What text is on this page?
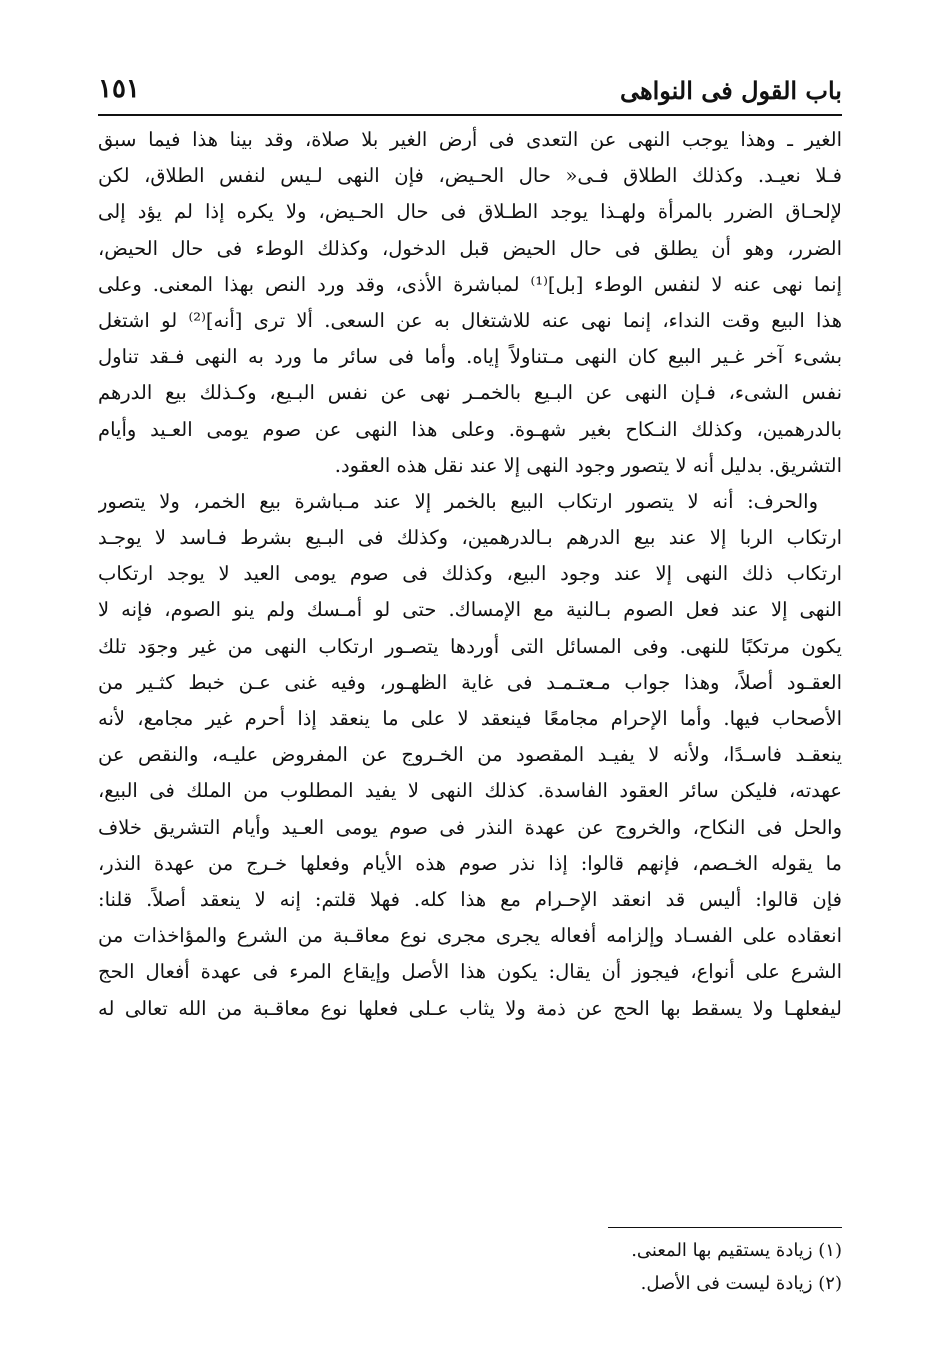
باب القول فى النواهى
١٥١
الغير ـ وهذا يوجب النهى عن التعدى فى أرض الغير بلا صلاة، وقد بينا هذا فيما سبق
فـلا نعيـد. وكذلك الطلاق فـى« حال الحـيض، فإن النهى لـيس لنفس الطلاق، لكن
لإلحـاق الضرر بالمرأة ولهـذا يوجد الطـلاق فى حال الحـيض، ولا يكره إذا لم يؤد إلى
الضرر، وهو أن يطلق فى حال الحيض قبل الدخول، وكذلك الوطء فى حال الحيض،
إنما نهى عنه لا لنفس الوطء [بل]⁽¹⁾ لمباشرة الأذى، وقد ورد النص بهذا المعنى. وعلى
هذا البيع وقت النداء، إنما نهى عنه للاشتغال به عن السعى. ألا ترى [أنه]⁽²⁾ لو اشتغل
بشىء آخر غـير البيع كان النهى مـتناولاً إياه. وأما فى سائر ما ورد به النهى فـقد تناول
نفس الشىء، فـإن النهى عن البـيع بالخمـر نهى عن نفس البـيع، وكـذلك بيع الدرهم
بالدرهمين، وكذلك النـكاح بغير شهـوة. وعلى هذا النهى عن صوم يومى العـيد وأيام
التشريق. بدليل أنه لا يتصور وجود النهى إلا عند نقل هذه العقود.
والحرف: أنه لا يتصور ارتكاب البيع بالخمر إلا عند مـباشرة بيع الخمر، ولا يتصور
ارتكاب الربا إلا عند بيع الدرهم بـالدرهمين، وكذلك فى البـيع بشرط فـاسد لا يوجـد
ارتكاب ذلك النهى إلا عند وجود البيع، وكذلك فى صوم يومى العيد لا يوجد ارتكاب
النهى إلا عند فعل الصوم بـالنية مع الإمساك. حتى لو أمـسك ولم ينو الصوم، فإنه لا
يكون مرتكبًا للنهى. وفى المسائل التى أوردها يتصـور ارتكاب النهى من غير وجوَد تلك
العقـود أصلاً، وهذا جواب مـعتـمـد فى غاية الظهـور، وفيه غنى عـن خبط كثـير من
الأصحاب فيها. وأما الإحرام مجامعًا فينعقد لا على ما ينعقد إذا أحرم غير مجامع، لأنه
ينعقـد فاسـدًا، ولأنه لا يفيـد المقصود من الخـروج عن المفروض عليـه، والنقص عن
عهدته، فليكن سائر العقود الفاسدة. كذلك النهى لا يفيد المطلوب من الملك فى البيع،
والحل فى النكاح، والخروج عن عهدة النذر فى صوم يومى العـيد وأيام التشريق خلاف
ما يقوله الخـصم، فإنهم قالوا: إذا نذر صوم هذه الأيام وفعلها خـرج من عهدة النذر،
فإن قالوا: أليس قد انعقد الإحـرام مع هذا كله. فهلا قلتم: إنه لا ينعقد أصلاً. قلنا:
انعقاده على الفسـاد وإلزامه أفعاله يجرى مجرى نوع معاقـبة من الشرع والمؤاخذات من
الشرع على أنواع، فيجوز أن يقال: يكون هذا الأصل وإيقاع المرء فى عهدة أفعال الحج
ليفعلهـا ولا يسقط بها الحج عن ذمة ولا يثاب عـلى فعلها نوع معاقـبة من الله تعالى له
(١) زيادة يستقيم بها المعنى.
(٢) زيادة ليست فى الأصل.
